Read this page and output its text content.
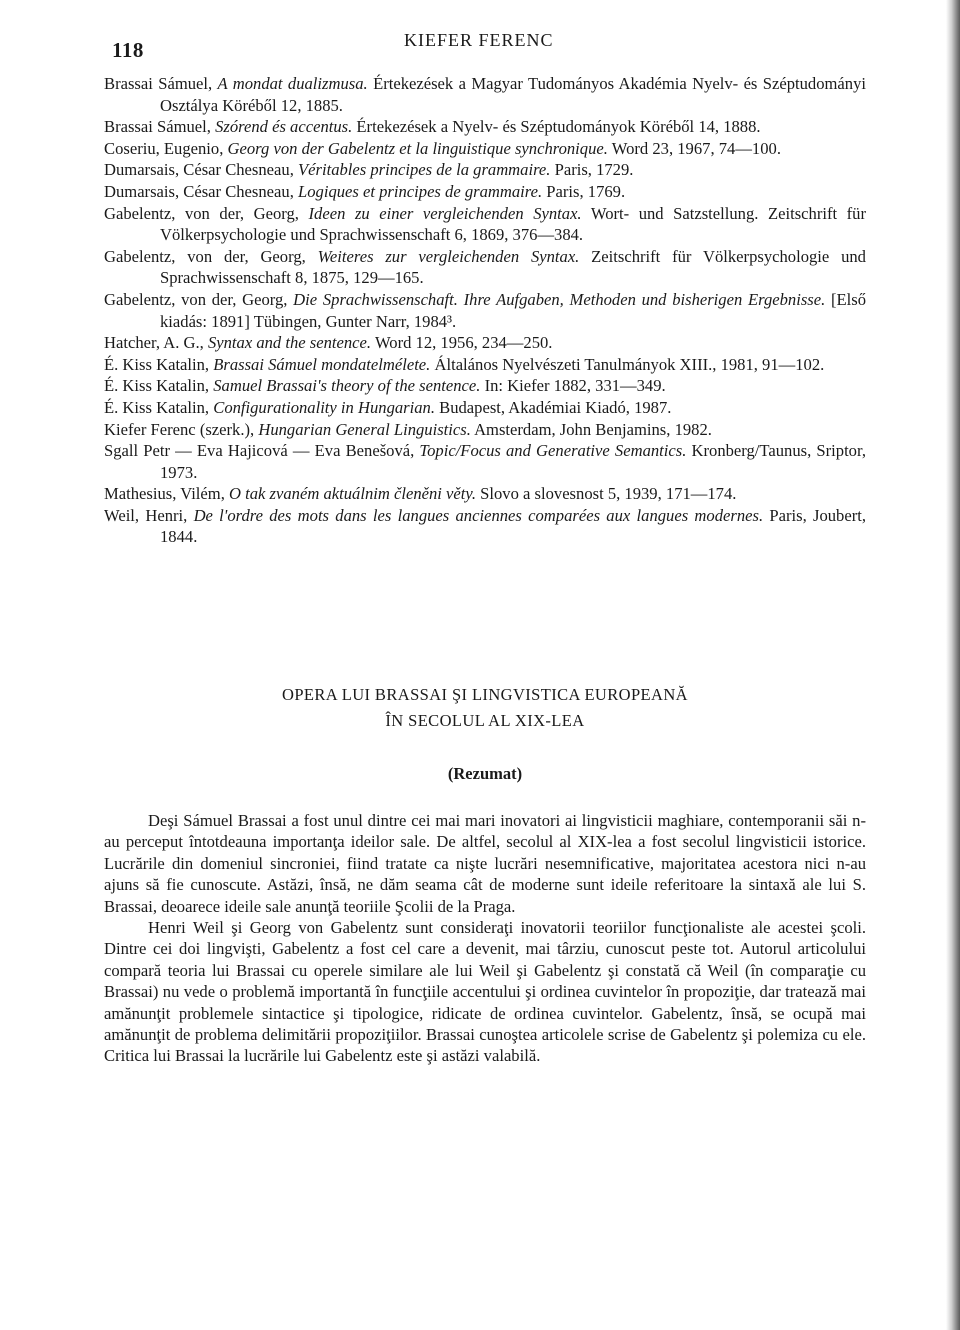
118	KIEFER FERENC

Brassai Sámuel, A mondat dualizmusa. Értekezések a Magyar Tudományos Akadémia Nyelv- és Széptudományi Osztálya Köréből 12, 1885.

Brassai Sámuel, Szórend és accentus. Értekezések a Nyelv- és Széptudományok Köréből 14, 1888.

Coseriu, Eugenio, Georg von der Gabelentz et la linguistique synchronique. Word 23, 1967, 74—100.

Dumarsais, César Chesneau, Véritables principes de la grammaire. Paris, 1729.

Dumarsais, César Chesneau, Logiques et principes de grammaire. Paris, 1769.

Gabelentz, von der, Georg, Ideen zu einer vergleichenden Syntax. Wort- und Satzstellung. Zeitschrift für Völkerpsychologie und Sprachwissenschaft 6, 1869, 376—384.

Gabelentz, von der, Georg, Weiteres zur vergleichenden Syntax. Zeitschrift für Völkerpsychologie und Sprachwissenschaft 8, 1875, 129—165.

Gabelentz, von der, Georg, Die Sprachwissenschaft. Ihre Aufgaben, Methoden und bisherigen Ergebnisse. [Első kiadás: 1891] Tübingen, Gunter Narr, 1984³.

Hatcher, A. G., Syntax and the sentence. Word 12, 1956, 234—250.

É. Kiss Katalin, Brassai Sámuel mondatelmélete. Általános Nyelvészeti Tanulmányok XIII., 1981, 91—102.

É. Kiss Katalin, Samuel Brassai's theory of the sentence. In: Kiefer 1882, 331—349.

É. Kiss Katalin, Configurationality in Hungarian. Budapest, Akadémiai Kiadó, 1987.

Kiefer Ferenc (szerk.), Hungarian General Linguistics. Amsterdam, John Benjamins, 1982.

Sgall Petr — Eva Hajicová — Eva Benešová, Topic/Focus and Generative Semantics. Kronberg/Taunus, Sriptor, 1973.

Mathesius, Vilém, O tak zvaném aktuálnim členěni věty. Slovo a slovesnost 5, 1939, 171—174.

Weil, Henri, De l'ordre des mots dans les langues anciennes comparées aux langues modernes. Paris, Joubert, 1844.

OPERA LUI BRASSAI ŞI LINGVISTICA EUROPEANĂ

ÎN SECOLUL AL XIX-LEA

(Rezumat)

Deşi Sámuel Brassai a fost unul dintre cei mai mari inovatori ai lingvisticii maghiare, contemporanii săi n-au perceput întotdeauna importanţa ideilor sale. De altfel, secolul al XIX-lea a fost secolul lingvisticii istorice. Lucrările din domeniul sincroniei, fiind tratate ca nişte lucrări nesemnificative, majoritatea acestora nici n-au ajuns să fie cunoscute. Astăzi, însă, ne dăm seama cât de moderne sunt ideile referitoare la sintaxă ale lui S. Brassai, deoarece ideile sale anunţă teoriile Şcolii de la Praga.

Henri Weil şi Georg von Gabelentz sunt consideraţi inovatorii teoriilor funcţionaliste ale acestei şcoli. Dintre cei doi lingvişti, Gabelentz a fost cel care a devenit, mai târziu, cunoscut peste tot. Autorul articolului compară teoria lui Brassai cu operele similare ale lui Weil şi Gabelentz şi constată că Weil (în comparaţie cu Brassai) nu vede o problemă importantă în funcţiile accentului şi ordinea cuvintelor în propoziţie, dar tratează mai amănunţit problemele sintactice şi tipologice, ridicate de ordinea cuvintelor. Gabelentz, însă, se ocupă mai amănunţit de problema delimitării propoziţiilor. Brassai cunoştea articolele scrise de Gabelentz şi polemiza cu ele. Critica lui Brassai la lucrările lui Gabelentz este şi astăzi valabilă.
